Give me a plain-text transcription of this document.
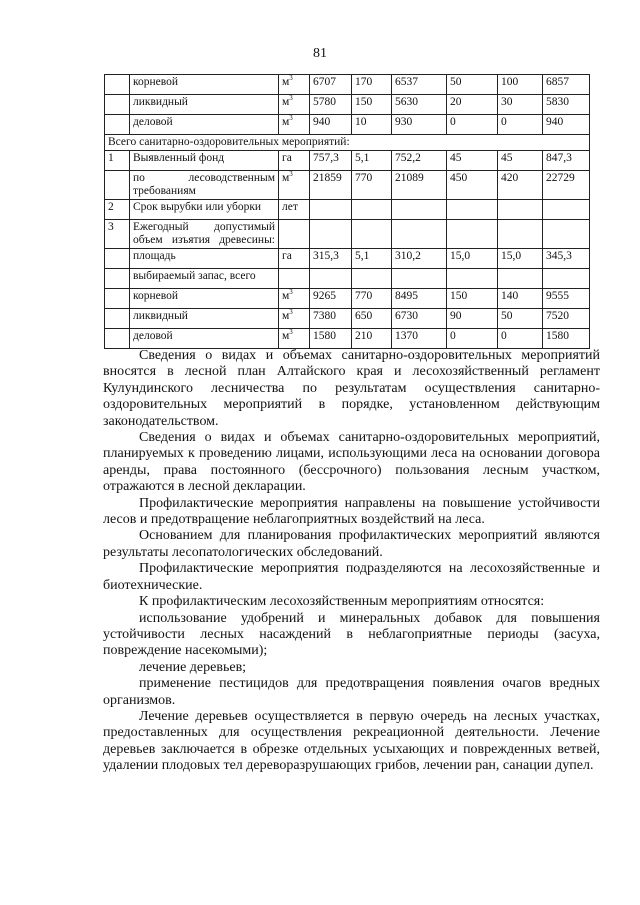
81
	корневой	$м^3$	6707	170	6537	50	100	6857
	ликвидный	$м^3$	5780	150	5630	20	30	5830
	деловой	$м^3$	940	10	930	0	0	940
Всего санитарно-оздоровительных мероприятий:								
1	Выявленный фонд	га	757,3	5,1	752,2	45	45	847,3
	по лесоводственным требованиям	$м^3$	21859	770	21089	450	420	22729
2	Срок вырубки или уборки	лет						
3	Ежегодный допустимый объем изъятия древесины:							
	площадь	га	315,3	5,1	310,2	15,0	15,0	345,3
	выбираемый запас, всего							
	корневой	$м^3$	9265	770	8495	150	140	9555
	ликвидный	$м^3$	7380	650	6730	90	50	7520
	деловой	$м^3$	1580	210	1370	0	0	1580

Сведения о видах и объемах санитарно-оздоровительных мероприятий вносятся в лесной план Алтайского края и лесохозяйственный регламент Кулундинского лесничества по результатам осуществления санитарно-оздоровительных мероприятий в порядке, установленном действующим законодательством.

Сведения о видах и объемах санитарно-оздоровительных мероприятий, планируемых к проведению лицами, использующими леса на основании договора аренды, права постоянного (бессрочного) пользования лесным участком, отражаются в лесной декларации.

Профилактические мероприятия направлены на повышение устойчивости лесов и предотвращение неблагоприятных воздействий на леса.

Основанием для планирования профилактических мероприятий являются результаты лесопатологических обследований.

Профилактические мероприятия подразделяются на лесохозяйственные и биотехнические.

К профилактическим лесохозяйственным мероприятиям относятся:

использование удобрений и минеральных добавок для повышения устойчивости лесных насаждений в неблагоприятные периоды (засуха, повреждение насекомыми);

лечение деревьев;

применение пестицидов для предотвращения появления очагов вредных организмов.

Лечение деревьев осуществляется в первую очередь на лесных участках, предоставленных для осуществления рекреационной деятельности. Лечение деревьев заключается в обрезке отдельных усыхающих и поврежденных ветвей, удалении плодовых тел дереворазрушающих грибов, лечении ран, санации дупел.
